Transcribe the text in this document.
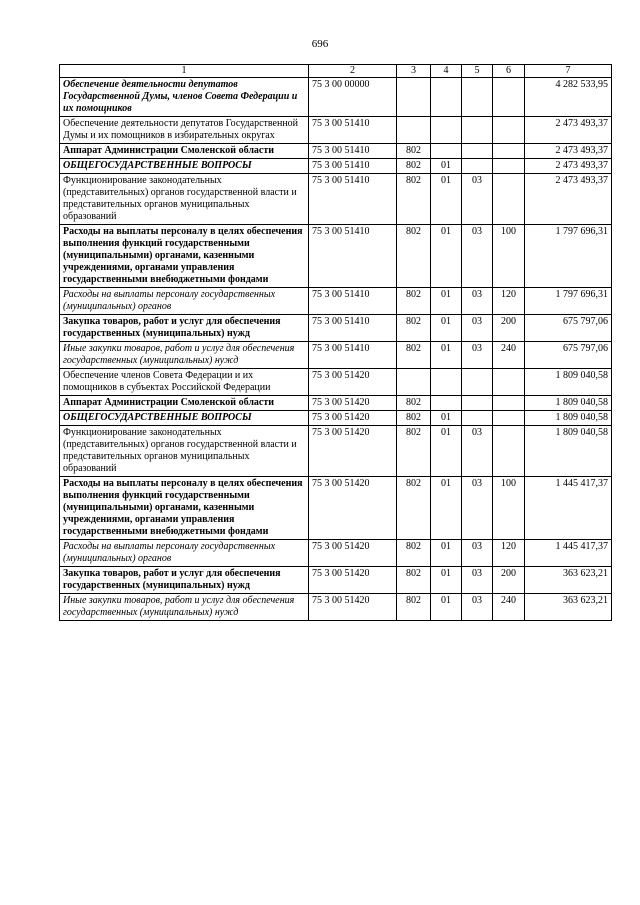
696
1	2	3	4	5	6	7
Обеспечение деятельности депутатов Государственной Думы, членов Совета Федерации и их помощников	75 3 00 00000					4 282 533,95
Обеспечение деятельности депутатов Государственной Думы и их помощников в избирательных округах	75 3 00 51410					2 473 493,37
Аппарат Администрации Смоленской области	75 3 00 51410	802				2 473 493,37
ОБЩЕГОСУДАРСТВЕННЫЕ ВОПРОСЫ	75 3 00 51410	802	01			2 473 493,37
Функционирование законодательных (представительных) органов государственной власти и представительных органов муниципальных образований	75 3 00 51410	802	01	03		2 473 493,37
Расходы на выплаты персоналу в целях обеспечения выполнения функций государственными (муниципальными) органами, казенными учреждениями, органами управления государственными внебюджетными фондами	75 3 00 51410	802	01	03	100	1 797 696,31
Расходы на выплаты персоналу государственных (муниципальных) органов	75 3 00 51410	802	01	03	120	1 797 696,31
Закупка товаров, работ и услуг для обеспечения государственных (муниципальных) нужд	75 3 00 51410	802	01	03	200	675 797,06
Иные закупки товаров, работ и услуг для обеспечения государственных (муниципальных) нужд	75 3 00 51410	802	01	03	240	675 797,06
Обеспечение членов Совета Федерации и их помощников в субъектах Российской Федерации	75 3 00 51420					1 809 040,58
Аппарат Администрации Смоленской области	75 3 00 51420	802				1 809 040,58
ОБЩЕГОСУДАРСТВЕННЫЕ ВОПРОСЫ	75 3 00 51420	802	01			1 809 040,58
Функционирование законодательных (представительных) органов государственной власти и представительных органов муниципальных образований	75 3 00 51420	802	01	03		1 809 040,58
Расходы на выплаты персоналу в целях обеспечения выполнения функций государственными (муниципальными) органами, казенными учреждениями, органами управления государственными внебюджетными фондами	75 3 00 51420	802	01	03	100	1 445 417,37
Расходы на выплаты персоналу государственных (муниципальных) органов	75 3 00 51420	802	01	03	120	1 445 417,37
Закупка товаров, работ и услуг для обеспечения государственных (муниципальных) нужд	75 3 00 51420	802	01	03	200	363 623,21
Иные закупки товаров, работ и услуг для обеспечения государственных (муниципальных) нужд	75 3 00 51420	802	01	03	240	363 623,21
